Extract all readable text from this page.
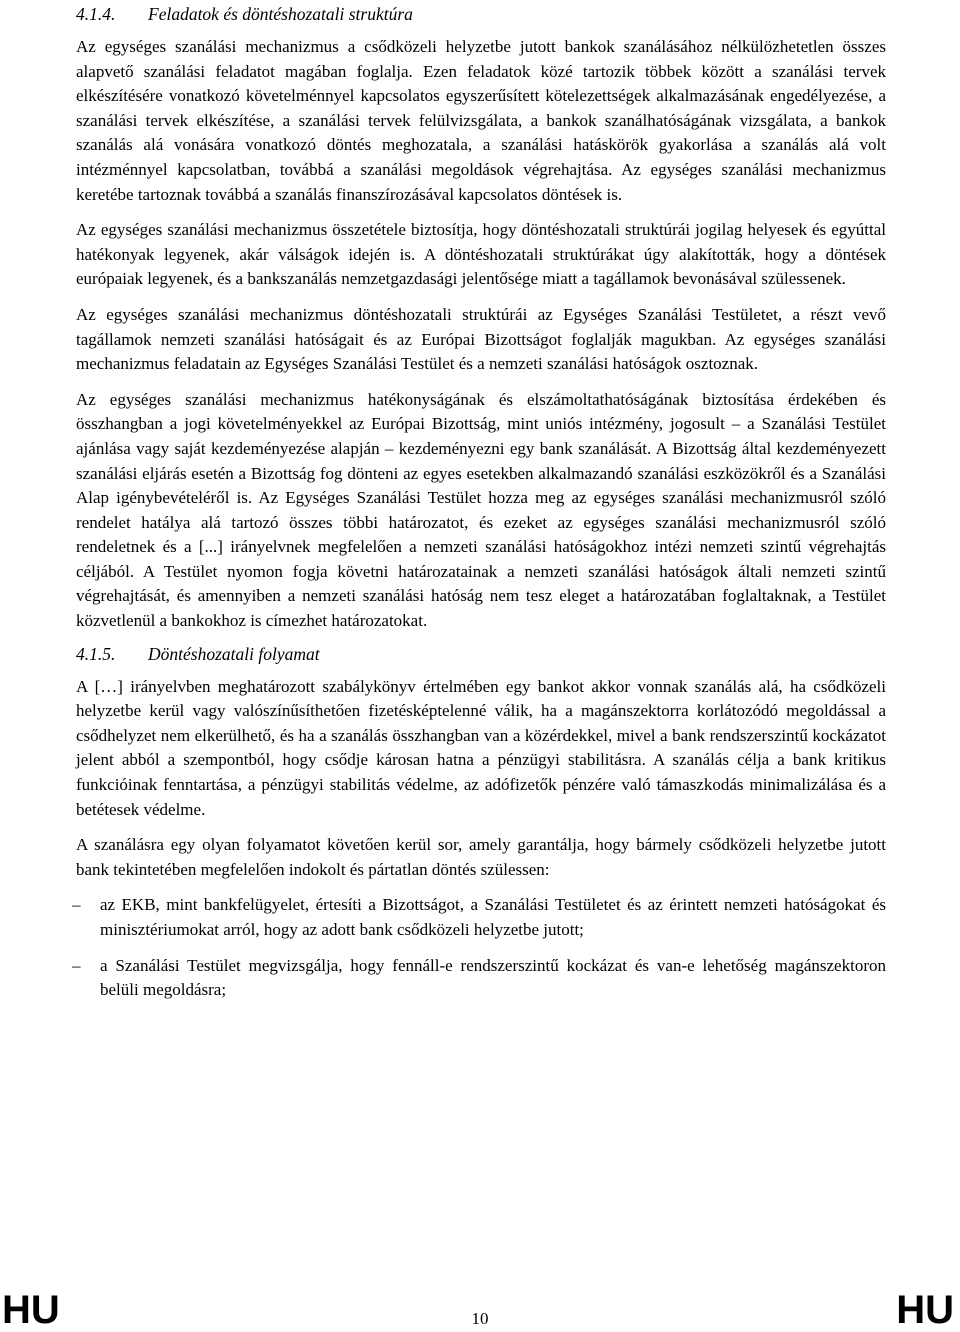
4.1.4. Feladatok és döntéshozatali struktúra

Az egységes szanálási mechanizmus a csődközeli helyzetbe jutott bankok szanálásához nélkülözhetetlen összes alapvető szanálási feladatot magában foglalja. Ezen feladatok közé tartozik többek között a szanálási tervek elkészítésére vonatkozó követelménnyel kapcsolatos egyszerűsített kötelezettségek alkalmazásának engedélyezése, a szanálási tervek elkészítése, a szanálási tervek felülvizsgálata, a bankok szanálhatóságának vizsgálata, a bankok szanálás alá vonására vonatkozó döntés meghozatala, a szanálási hatáskörök gyakorlása a szanálás alá volt intézménnyel kapcsolatban, továbbá a szanálási megoldások végrehajtása. Az egységes szanálási mechanizmus keretébe tartoznak továbbá a szanálás finanszírozásával kapcsolatos döntések is.

Az egységes szanálási mechanizmus összetétele biztosítja, hogy döntéshozatali struktúrái jogilag helyesek és egyúttal hatékonyak legyenek, akár válságok idején is. A döntéshozatali struktúrákat úgy alakították, hogy a döntések európaiak legyenek, és a bankszanálás nemzetgazdasági jelentősége miatt a tagállamok bevonásával szülessenek.

Az egységes szanálási mechanizmus döntéshozatali struktúrái az Egységes Szanálási Testületet, a részt vevő tagállamok nemzeti szanálási hatóságait és az Európai Bizottságot foglalják magukban. Az egységes szanálási mechanizmus feladatain az Egységes Szanálási Testület és a nemzeti szanálási hatóságok osztoznak.

Az egységes szanálási mechanizmus hatékonyságának és elszámoltathatóságának biztosítása érdekében és összhangban a jogi követelményekkel az Európai Bizottság, mint uniós intézmény, jogosult – a Szanálási Testület ajánlása vagy saját kezdeményezése alapján – kezdeményezni egy bank szanálását. A Bizottság által kezdeményezett szanálási eljárás esetén a Bizottság fog dönteni az egyes esetekben alkalmazandó szanálási eszközökről és a Szanálási Alap igénybevételéről is. Az Egységes Szanálási Testület hozza meg az egységes szanálási mechanizmusról szóló rendelet hatálya alá tartozó összes többi határozatot, és ezeket az egységes szanálási mechanizmusról szóló rendeletnek és a [...] irányelvnek megfelelően a nemzeti szanálási hatóságokhoz intézi nemzeti szintű végrehajtás céljából. A Testület nyomon fogja követni határozatainak a nemzeti szanálási hatóságok általi nemzeti szintű végrehajtását, és amennyiben a nemzeti szanálási hatóság nem tesz eleget a határozatában foglaltaknak, a Testület közvetlenül a bankokhoz is címezhet határozatokat.

4.1.5. Döntéshozatali folyamat

A […] irányelvben meghatározott szabálykönyv értelmében egy bankot akkor vonnak szanálás alá, ha csődközeli helyzetbe kerül vagy valószínűsíthetően fizetésképtelenné válik, ha a magánszektorra korlátozódó megoldással a csődhelyzet nem elkerülhető, és ha a szanálás összhangban van a közérdekkel, mivel a bank rendszerszintű kockázatot jelent abból a szempontból, hogy csődje károsan hatna a pénzügyi stabilitásra. A szanálás célja a bank kritikus funkcióinak fenntartása, a pénzügyi stabilitás védelme, az adófizetők pénzére való támaszkodás minimalizálása és a betétesek védelme.

A szanálásra egy olyan folyamatot követően kerül sor, amely garantálja, hogy bármely csődközeli helyzetbe jutott bank tekintetében megfelelően indokolt és pártatlan döntés szülessen:

– az EKB, mint bankfelügyelet, értesíti a Bizottságot, a Szanálási Testületet és az érintett nemzeti hatóságokat és minisztériumokat arról, hogy az adott bank csődközeli helyzetbe jutott;
– a Szanálási Testület megvizsgálja, hogy fennáll-e rendszerszintű kockázat és van-e lehetőség magánszektoron belüli megoldásra;
HU	10	HU
